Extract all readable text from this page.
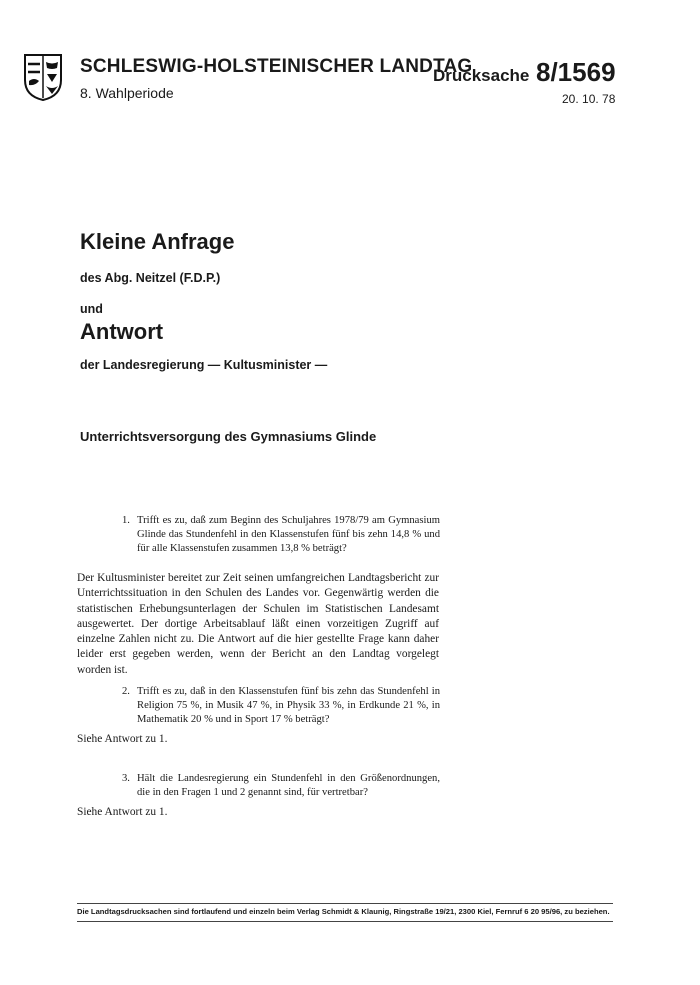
SCHLESWIG-HOLSTEINISCHER LANDTAG
8. Wahlperiode
Drucksache 8/1569
20. 10. 78
Kleine Anfrage
des Abg. Neitzel (F.D.P.)
und
Antwort
der Landesregierung — Kultusminister —
Unterrichtsversorgung des Gymnasiums Glinde
1. Trifft es zu, daß zum Beginn des Schuljahres 1978/79 am Gymnasium Glinde das Stundenfehl in den Klassenstufen fünf bis zehn 14,8 % und für alle Klassenstufen zusammen 13,8 % beträgt?
Der Kultusminister bereitet zur Zeit seinen umfangreichen Landtagsbericht zur Unterrichtssituation in den Schulen des Landes vor. Gegenwärtig werden die statistischen Erhebungsunterlagen der Schulen im Statistischen Landesamt ausgewertet. Der dortige Arbeitsablauf läßt einen vorzeitigen Zugriff auf einzelne Zahlen nicht zu. Die Antwort auf die hier gestellte Frage kann daher leider erst gegeben werden, wenn der Bericht an den Landtag vorgelegt worden ist.
2. Trifft es zu, daß in den Klassenstufen fünf bis zehn das Stundenfehl in Religion 75 %, in Musik 47 %, in Physik 33 %, in Erdkunde 21 %, in Mathematik 20 % und in Sport 17 % beträgt?
Siehe Antwort zu 1.
3. Hält die Landesregierung ein Stundenfehl in den Größenordnungen, die in den Fragen 1 und 2 genannt sind, für vertretbar?
Siehe Antwort zu 1.
Die Landtagsdrucksachen sind fortlaufend und einzeln beim Verlag Schmidt & Klaunig, Ringstraße 19/21, 2300 Kiel, Fernruf 6 20 95/96, zu beziehen.
